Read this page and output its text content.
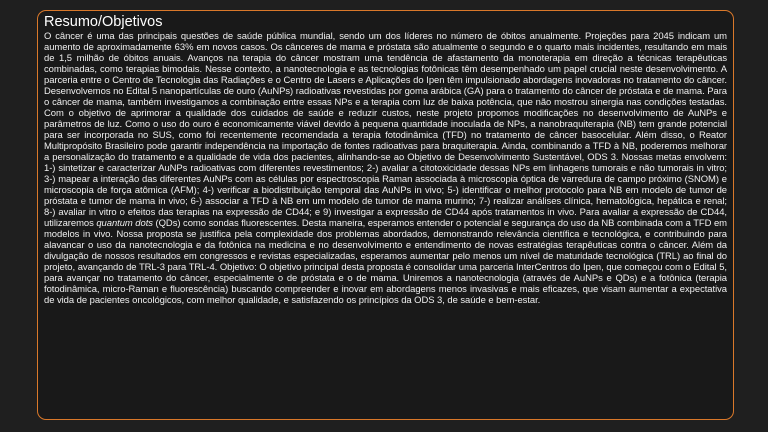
Resumo/Objetivos

O câncer é uma das principais questões de saúde pública mundial, sendo um dos líderes no número de óbitos anualmente. Projeções para 2045 indicam um aumento de aproximadamente 63% em novos casos. Os cânceres de mama e próstata são atualmente o segundo e o quarto mais incidentes, resultando em mais de 1,5 milhão de óbitos anuais. Avanços na terapia do câncer mostram uma tendência de afastamento da monoterapia em direção a técnicas terapêuticas combinadas, como terapias bimodais. Nesse contexto, a nanotecnologia e as tecnologias fotônicas têm desempenhado um papel crucial neste desenvolvimento. A parceria entre o Centro de Tecnologia das Radiações e o Centro de Lasers e Aplicações do Ipen têm impulsionado abordagens inovadoras no tratamento do câncer. Desenvolvemos no Edital 5 nanopartículas de ouro (AuNPs) radioativas revestidas por goma arábica (GA) para o tratamento do câncer de próstata e de mama. Para o câncer de mama, também investigamos a combinação entre essas NPs e a terapia com luz de baixa potência, que não mostrou sinergia nas condições testadas. Com o objetivo de aprimorar a qualidade dos cuidados de saúde e reduzir custos, neste projeto propomos modificações no desenvolvimento de AuNPs e parâmetros de luz. Como o uso do ouro é economicamente viável devido à pequena quantidade inoculada de NPs, a nanobraquiterapia (NB) tem grande potencial para ser incorporada no SUS, como foi recentemente recomendada a terapia fotodinâmica (TFD) no tratamento de câncer basocelular. Além disso, o Reator Multipropósito Brasileiro pode garantir independência na importação de fontes radioativas para braquiterapia. Ainda, combinando a TFD à NB, poderemos melhorar a personalização do tratamento e a qualidade de vida dos pacientes, alinhando-se ao Objetivo de Desenvolvimento Sustentável, ODS 3. Nossas metas envolvem: 1-) sintetizar e caracterizar AuNPs radioativas com diferentes revestimentos; 2-) avaliar a citotoxicidade dessas NPs em linhagens tumorais e não tumorais in vitro; 3-) mapear a interação das diferentes AuNPs com as células por espectroscopia Raman associada à microscopia óptica de varredura de campo próximo (SNOM) e microscopia de força atômica (AFM); 4-) verificar a biodistribuição temporal das AuNPs in vivo; 5-) identificar o melhor protocolo para NB em modelo de tumor de próstata e tumor de mama in vivo; 6-) associar a TFD à NB em um modelo de tumor de mama murino; 7-) realizar análises clínica, hematológica, hepática e renal; 8-) avaliar in vitro o efeitos das terapias na expressão de CD44; e 9) investigar a expressão de CD44 após tratamentos in vivo. Para avaliar a expressão de CD44, utilizaremos quantum dots (QDs) como sondas fluorescentes. Desta maneira, esperamos entender o potencial e segurança do uso da NB combinada com a TFD em modelos in vivo. Nossa proposta se justifica pela complexidade dos problemas abordados, demonstrando relevância científica e tecnológica, e contribuindo para alavancar o uso da nanotecnologia e da fotônica na medicina e no desenvolvimento e entendimento de novas estratégias terapêuticas contra o câncer. Além da divulgação de nossos resultados em congressos e revistas especializadas, esperamos aumentar pelo menos um nível de maturidade tecnológica (TRL) ao final do projeto, avançando de TRL-3 para TRL-4. Objetivo: O objetivo principal desta proposta é consolidar uma parceria InterCentros do Ipen, que começou com o Edital 5, para avançar no tratamento do câncer, especialmente o de próstata e o de mama. Uniremos a nanotecnologia (através de AuNPs e QDs) e a fotônica (terapia fotodinâmica, micro-Raman e fluorescência) buscando compreender e inovar em abordagens menos invasivas e mais eficazes, que visam aumentar a expectativa de vida de pacientes oncológicos, com melhor qualidade, e satisfazendo os princípios da ODS 3, de saúde e bem-estar.
